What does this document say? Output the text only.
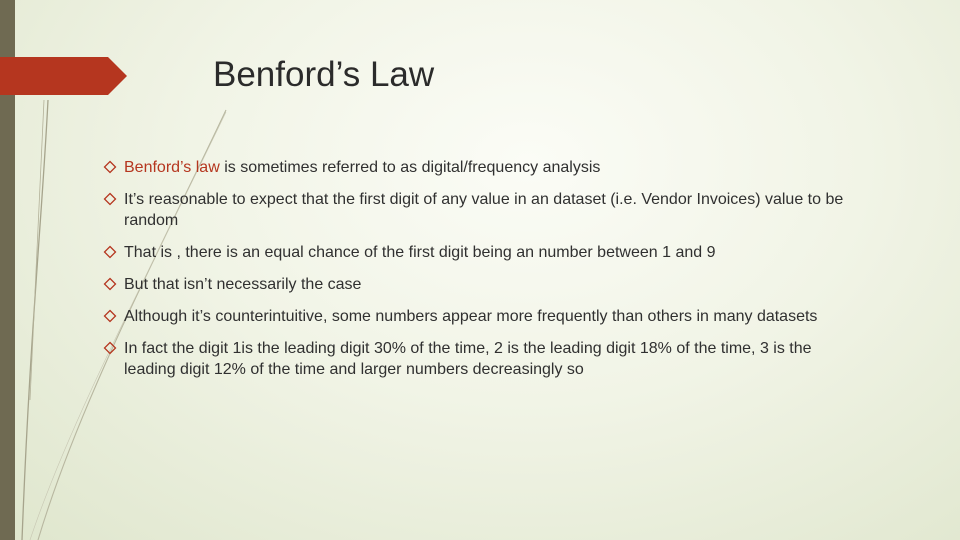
Benford’s Law
Benford’s law is sometimes referred to as digital/frequency analysis
It’s reasonable to expect that the first digit of any value in an dataset (i.e. Vendor Invoices) value to be random
That is , there is an equal chance of the first digit being an number between 1 and 9
But that isn’t necessarily the case
Although it’s counterintuitive, some numbers appear more frequently than others in many datasets
In fact the digit 1is the leading digit 30% of the time, 2 is the leading digit 18% of the time, 3 is the leading digit 12% of the time and larger numbers decreasingly so
